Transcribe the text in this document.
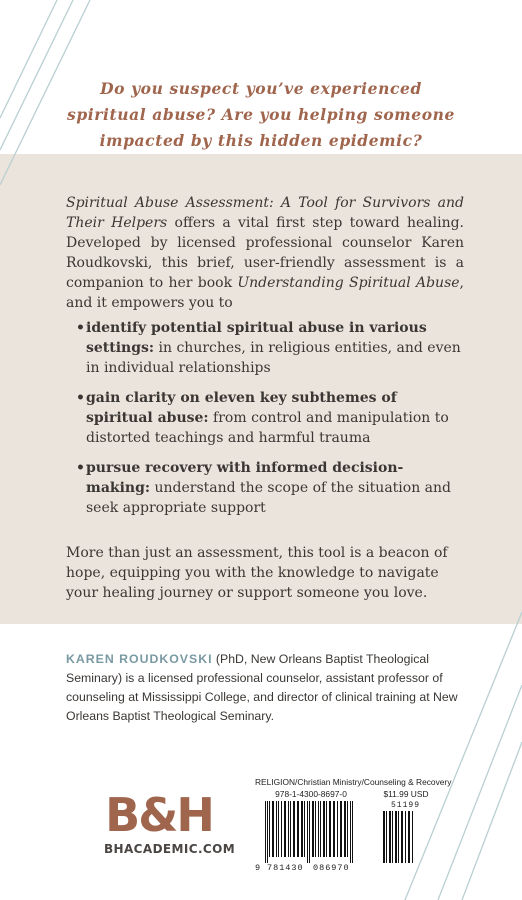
Do you suspect you’ve experienced
spiritual abuse? Are you helping someone
impacted by this hidden epidemic?

Spiritual Abuse Assessment: A Tool for Survivors and Their Helpers offers a vital first step toward healing. Developed by licensed professional counselor Karen Roudkovski, this brief, user-friendly assessment is a companion to her book Understanding Spiritual Abuse, and it empowers you to

• identify potential spiritual abuse in various settings: in churches, in religious entities, and even in individual relationships
• gain clarity on eleven key subthemes of spiritual abuse: from control and manipulation to distorted teachings and harmful trauma
• pursue recovery with informed decision-making: understand the scope of the situation and seek appropriate support

More than just an assessment, this tool is a beacon of hope, equipping you with the knowledge to navigate your healing journey or support someone you love.

KAREN ROUDKOVSKI (PhD, New Orleans Baptist Theological Seminary) is a licensed professional counselor, assistant professor of counseling at Mississippi College, and director of clinical training at New Orleans Baptist Theological Seminary.

B&H
BHACADEMIC.COM
RELIGION/Christian Ministry/Counseling & Recovery
978-1-4300-8697-0	$11.99 USD
51199
9 781430 086970
